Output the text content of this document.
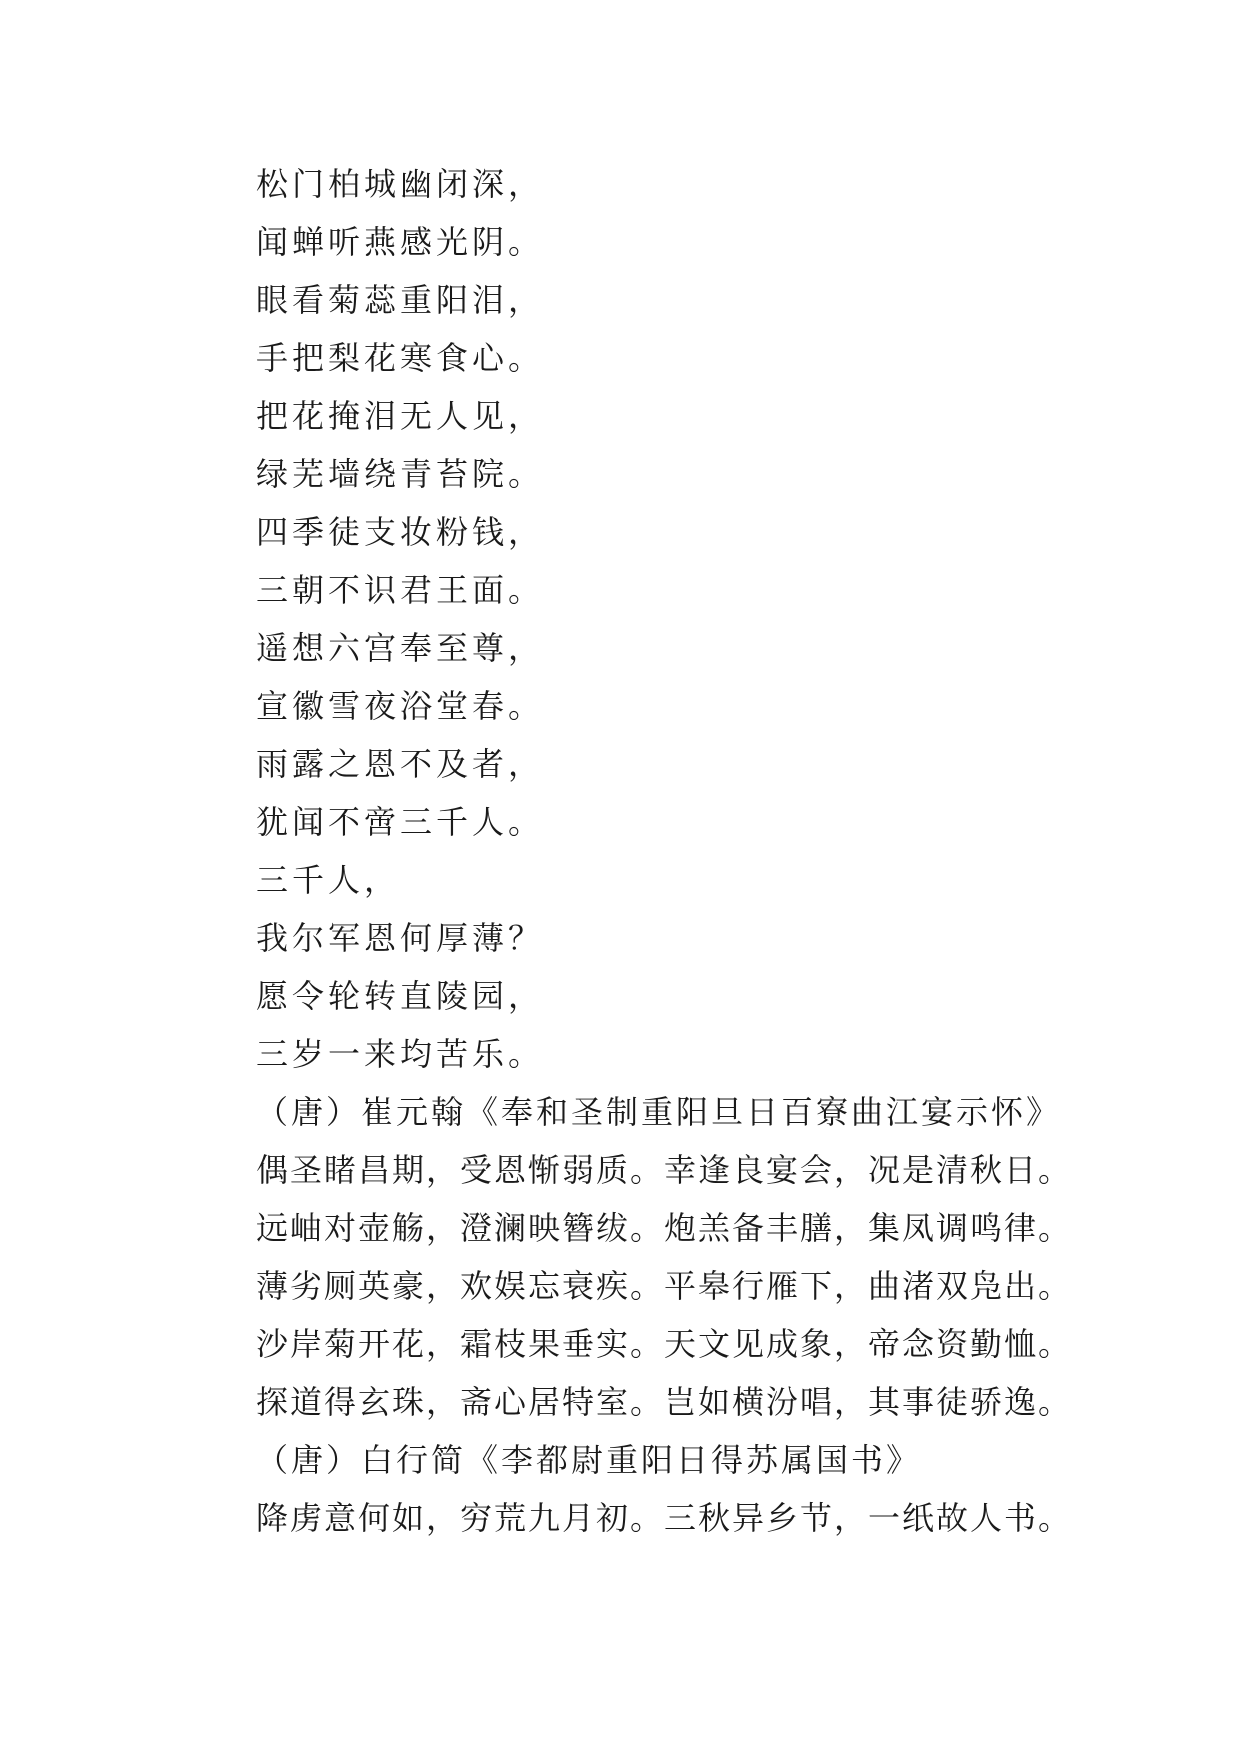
松门柏城幽闭深，

闻蝉听燕感光阴。

眼看菊蕊重阳泪，

手把梨花寒食心。

把花掩泪无人见，

绿芜墙绕青苔院。

四季徒支妆粉钱，

三朝不识君王面。

遥想六宫奉至尊，

宣徽雪夜浴堂春。

雨露之恩不及者，

犹闻不啻三千人。

三千人，

我尔军恩何厚薄？

愿令轮转直陵园，

三岁一来均苦乐。

（唐）崔元翰《奉和圣制重阳旦日百寮曲江宴示怀》

偶圣睹昌期，受恩惭弱质。幸逢良宴会，况是清秋日。

远岫对壶觞，澄澜映簪绂。炮羔备丰膳，集凤调鸣律。

薄劣厕英豪，欢娱忘衰疾。平皋行雁下，曲渚双凫出。

沙岸菊开花，霜枝果垂实。天文见成象，帝念资勤恤。

探道得玄珠，斋心居特室。岂如横汾唱，其事徒骄逸。

（唐）白行简《李都尉重阳日得苏属国书》

降虏意何如，穷荒九月初。三秋异乡节，一纸故人书。
